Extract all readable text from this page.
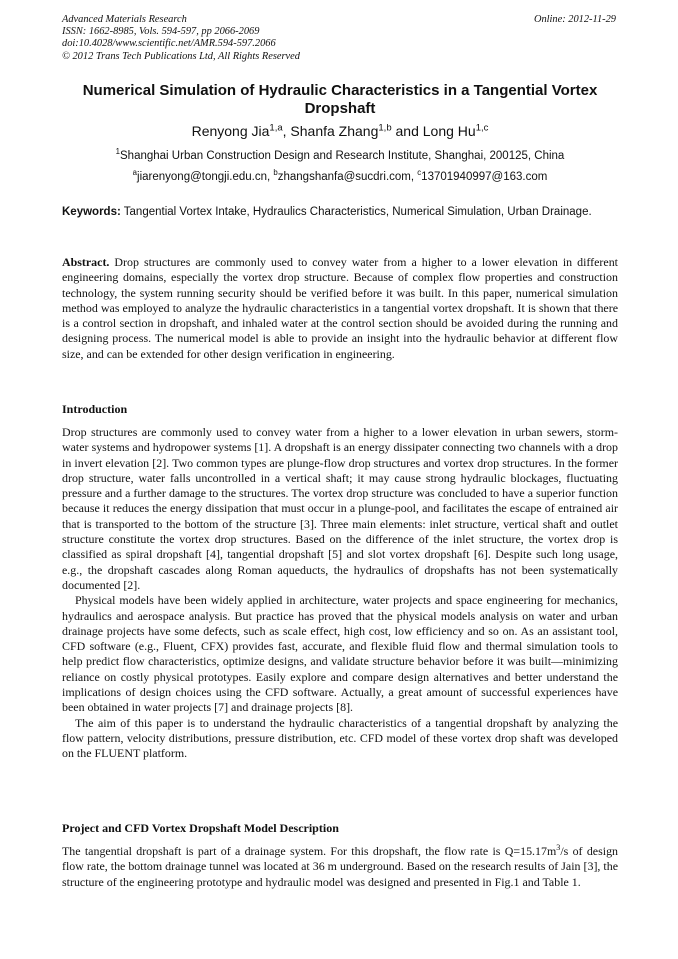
Advanced Materials Research
ISSN: 1662-8985, Vols. 594-597, pp 2066-2069
doi:10.4028/www.scientific.net/AMR.594-597.2066
© 2012 Trans Tech Publications Ltd, All Rights Reserved
Online: 2012-11-29
Numerical Simulation of Hydraulic Characteristics in a Tangential Vortex Dropshaft
Renyong Jia$^{1,a}$, Shanfa Zhang$^{1,b}$ and Long Hu$^{1,c}$
$^1$Shanghai Urban Construction Design and Research Institute, Shanghai, 200125, China
$^a$jiarenyong@tongji.edu.cn, $^b$zhangshanfa@sucdri.com, $^c$13701940997@163.com
Keywords: Tangential Vortex Intake, Hydraulics Characteristics, Numerical Simulation, Urban Drainage.
Abstract. Drop structures are commonly used to convey water from a higher to a lower elevation in different engineering domains, especially the vortex drop structure. Because of complex flow properties and construction technology, the system running security should be verified before it was built. In this paper, numerical simulation method was employed to analyze the hydraulic characteristics in a tangential vortex dropshaft. It is shown that there is a control section in dropshaft, and inhaled water at the control section should be avoided during the running and designing process. The numerical model is able to provide an insight into the hydraulic behavior at different flow size, and can be extended for other design verification in engineering.
Introduction

Drop structures are commonly used to convey water from a higher to a lower elevation in urban sewers, storm-water systems and hydropower systems [1]. A dropshaft is an energy dissipater connecting two channels with a drop in invert elevation [2]. Two common types are plunge-flow drop structures and vortex drop structures. In the former drop structure, water falls uncontrolled in a vertical shaft; it may cause strong hydraulic blockages, fluctuating pressure and a further damage to the structures. The vortex drop structure was concluded to have a superior function because it reduces the energy dissipation that must occur in a plunge-pool, and facilitates the escape of entrained air that is transported to the bottom of the structure [3]. Three main elements: inlet structure, vertical shaft and outlet structure constitute the vortex drop structures. Based on the difference of the inlet structure, the vortex drop is classified as spiral dropshaft [4], tangential dropshaft [5] and slot vortex dropshaft [6]. Despite such long usage, e.g., the dropshaft cascades along Roman aqueducts, the hydraulics of dropshafts has not been systematically documented [2].

Physical models have been widely applied in architecture, water projects and space engineering for mechanics, hydraulics and aerospace analysis. But practice has proved that the physical models analysis on water and urban drainage projects have some defects, such as scale effect, high cost, low efficiency and so on. As an assistant tool, CFD software (e.g., Fluent, CFX) provides fast, accurate, and flexible fluid flow and thermal simulation tools to help predict flow characteristics, optimize designs, and validate structure behavior before it was built—minimizing reliance on costly physical prototypes. Easily explore and compare design alternatives and better understand the implications of design choices using the CFD software. Actually, a great amount of successful experiences have been obtained in water projects [7] and drainage projects [8].

The aim of this paper is to understand the hydraulic characteristics of a tangential dropshaft by analyzing the flow pattern, velocity distributions, pressure distribution, etc. CFD model of these vortex drop shaft was developed on the FLUENT platform.

Project and CFD Vortex Dropshaft Model Description

The tangential dropshaft is part of a drainage system. For this dropshaft, the flow rate is $Q=15.17m^3/s$ of design flow rate, the bottom drainage tunnel was located at 36 m underground. Based on the research results of Jain [3], the structure of the engineering prototype and hydraulic model was designed and presented in Fig.1 and Table 1.
